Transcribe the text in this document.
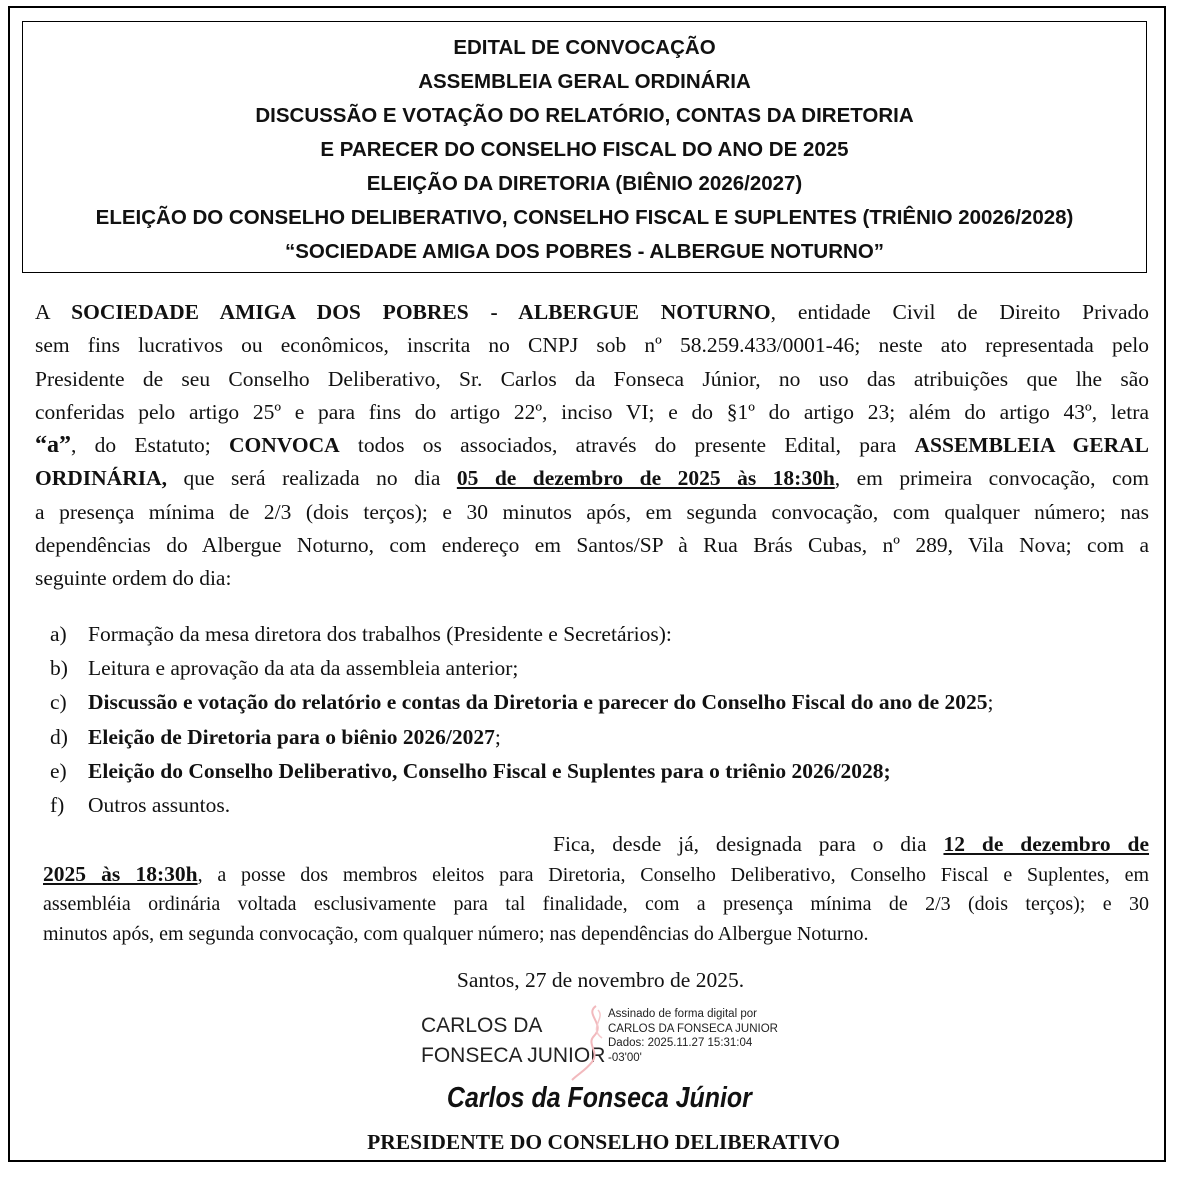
EDITAL DE CONVOCAÇÃO
ASSEMBLEIA GERAL ORDINÁRIA
DISCUSSÃO E VOTAÇÃO DO RELATÓRIO, CONTAS DA DIRETORIA
E PARECER DO CONSELHO FISCAL DO ANO DE 2025
ELEIÇÃO DA DIRETORIA (BIÊNIO 2026/2027)
ELEIÇÃO DO CONSELHO DELIBERATIVO, CONSELHO FISCAL E SUPLENTES (TRIÊNIO 20026/2028)
“SOCIEDADE AMIGA DOS POBRES - ALBERGUE NOTURNO”
A SOCIEDADE AMIGA DOS POBRES - ALBERGUE NOTURNO, entidade Civil de Direito Privado
sem fins lucrativos ou econômicos, inscrita no CNPJ sob nº 58.259.433/0001-46; neste ato representada pelo
Presidente de seu Conselho Deliberativo, Sr. Carlos da Fonseca Júnior, no uso das atribuições que lhe são
conferidas pelo artigo 25º e para fins do artigo 22º, inciso VI; e do §1º do artigo 23; além do artigo 43º, letra
“a”, do Estatuto; CONVOCA todos os associados, através do presente Edital, para ASSEMBLEIA GERAL
ORDINÁRIA, que será realizada no dia 05 de dezembro de 2025 às 18:30h, em primeira convocação, com
a presença mínima de 2/3 (dois terços); e 30 minutos após, em segunda convocação, com qualquer número; nas
dependências do Albergue Noturno, com endereço em Santos/SP à Rua Brás Cubas, nº 289, Vila Nova; com a
seguinte ordem do dia:
a) Formação da mesa diretora dos trabalhos (Presidente e Secretários):
b) Leitura e aprovação da ata da assembleia anterior;
c) Discussão e votação do relatório e contas da Diretoria e parecer do Conselho Fiscal do ano de 2025;
d) Eleição de Diretoria para o biênio 2026/2027;
e) Eleição do Conselho Deliberativo, Conselho Fiscal e Suplentes para o triênio 2026/2028;
f) Outros assuntos.
Fica, desde já, designada para o dia 12 de dezembro de
2025 às 18:30h, a posse dos membros eleitos para Diretoria, Conselho Deliberativo, Conselho Fiscal e Suplentes, em
assembléia ordinária voltada esclusivamente para tal finalidade, com a presença mínima de 2/3 (dois terços); e 30
minutos após, em segunda convocação, com qualquer número; nas dependências do Albergue Noturno.
Santos, 27 de novembro de 2025.
CARLOS DA
FONSECA JUNIOR
Assinado de forma digital por
CARLOS DA FONSECA JUNIOR
Dados: 2025.11.27 15:31:04
-03'00'
Carlos da Fonseca Júnior
PRESIDENTE DO CONSELHO DELIBERATIVO
